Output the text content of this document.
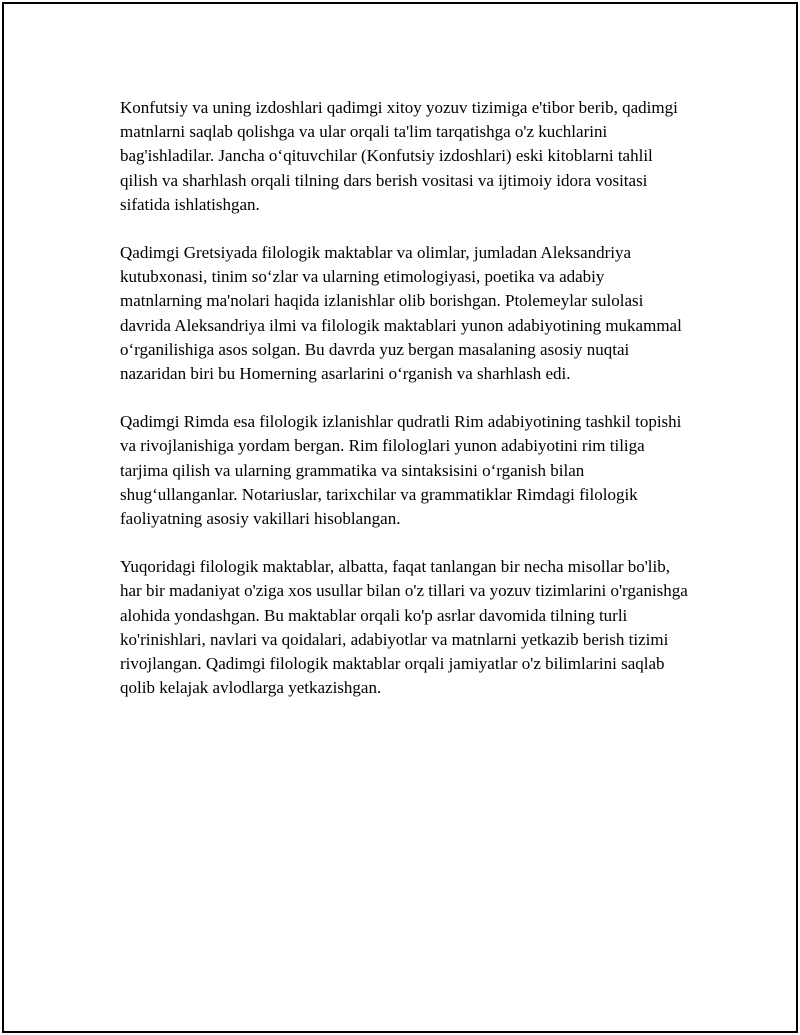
Konfutsiy va uning izdoshlari qadimgi xitoy yozuv tizimiga e'tibor berib, qadimgi matnlarni saqlab qolishga va ular orqali ta'lim tarqatishga o'z kuchlarini bag'ishladilar. Jancha o‘qituvchilar (Konfutsiy izdoshlari) eski kitoblarni tahlil qilish va sharhlash orqali tilning dars berish vositasi va ijtimoiy idora vositasi sifatida ishlatishgan.

Qadimgi Gretsiyada filologik maktablar va olimlar, jumladan Aleksandriya kutubxonasi, tinim so‘zlar va ularning etimologiyasi, poetika va adabiy matnlarning ma'nolari haqida izlanishlar olib borishgan. Ptolemeylar sulolasi davrida Aleksandriya ilmi va filologik maktablari yunon adabiyotining mukammal o‘rganilishiga asos solgan. Bu davrda yuz bergan masalaning asosiy nuqtai nazaridan biri bu Homerning asarlarini o‘rganish va sharhlash edi.

Qadimgi Rimda esa filologik izlanishlar qudratli Rim adabiyotining tashkil topishi va rivojlanishiga yordam bergan. Rim filologlari yunon adabiyotini rim tiliga tarjima qilish va ularning grammatika va sintaksisini o‘rganish bilan shug‘ullanganlar. Notariuslar, tarixchilar va grammatiklar Rimdagi filologik faoliyatning asosiy vakillari hisoblangan.

Yuqoridagi filologik maktablar, albatta, faqat tanlangan bir necha misollar bo'lib, har bir madaniyat o'ziga xos usullar bilan o'z tillari va yozuv tizimlarini o'rganishga alohida yondashgan. Bu maktablar orqali ko'p asrlar davomida tilning turli ko'rinishlari, navlari va qoidalari, adabiyotlar va matnlarni yetkazib berish tizimi rivojlangan. Qadimgi filologik maktablar orqali jamiyatlar o'z bilimlarini saqlab qolib kelajak avlodlarga yetkazishgan.
